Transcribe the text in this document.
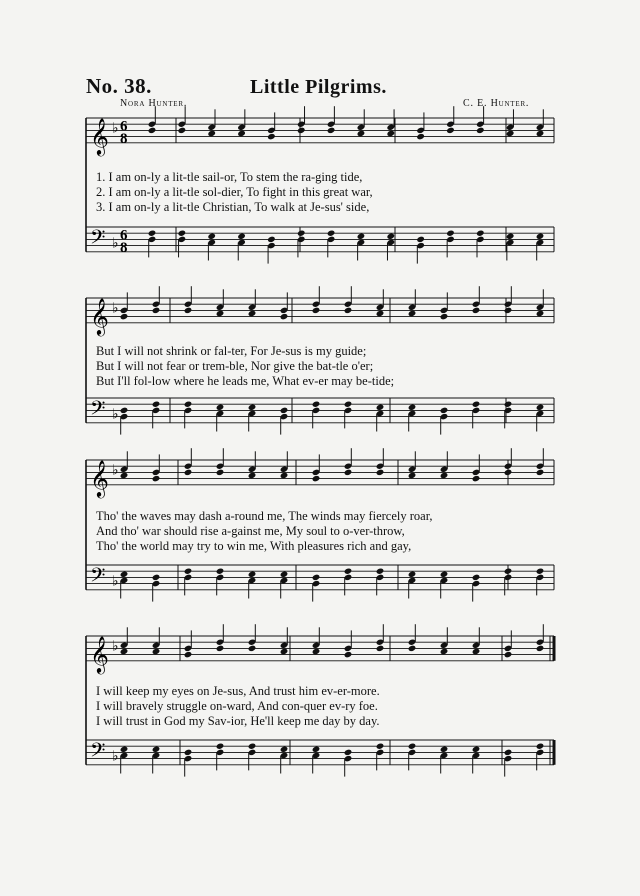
No. 38.	Little Pilgrims.
Nora Hunter.	C. E. Hunter.
𝄞
𝄢
♭
♭
6
8
6
8
𝄞
𝄢
♭
♭
𝄞
𝄢
♭
♭
𝄞
𝄢
♭
♭
1. I am on-ly a lit-tle sail-or, To stem the ra-ging tide,
2. I am on-ly a lit-tle sol-dier, To fight in this great war,
3. I am on-ly a lit-tle Christian, To walk at Je-sus' side,
But I will not shrink or fal-ter, For Je-sus is my guide;
But I will not fear or trem-ble, Nor give the bat-tle o'er;
But I'll fol-low where he leads me, What ev-er may be-tide;
Tho' the waves may dash a-round me, The winds may fiercely roar,
And tho' war should rise a-gainst me, My soul to o-ver-throw,
Tho' the world may try to win me, With pleasures rich and gay,
I will keep my eyes on Je-sus, And trust him ev-er-more.
I will bravely struggle on-ward, And con-quer ev-ry foe.
I will trust in God my Sav-ior, He'll keep me day by day.
